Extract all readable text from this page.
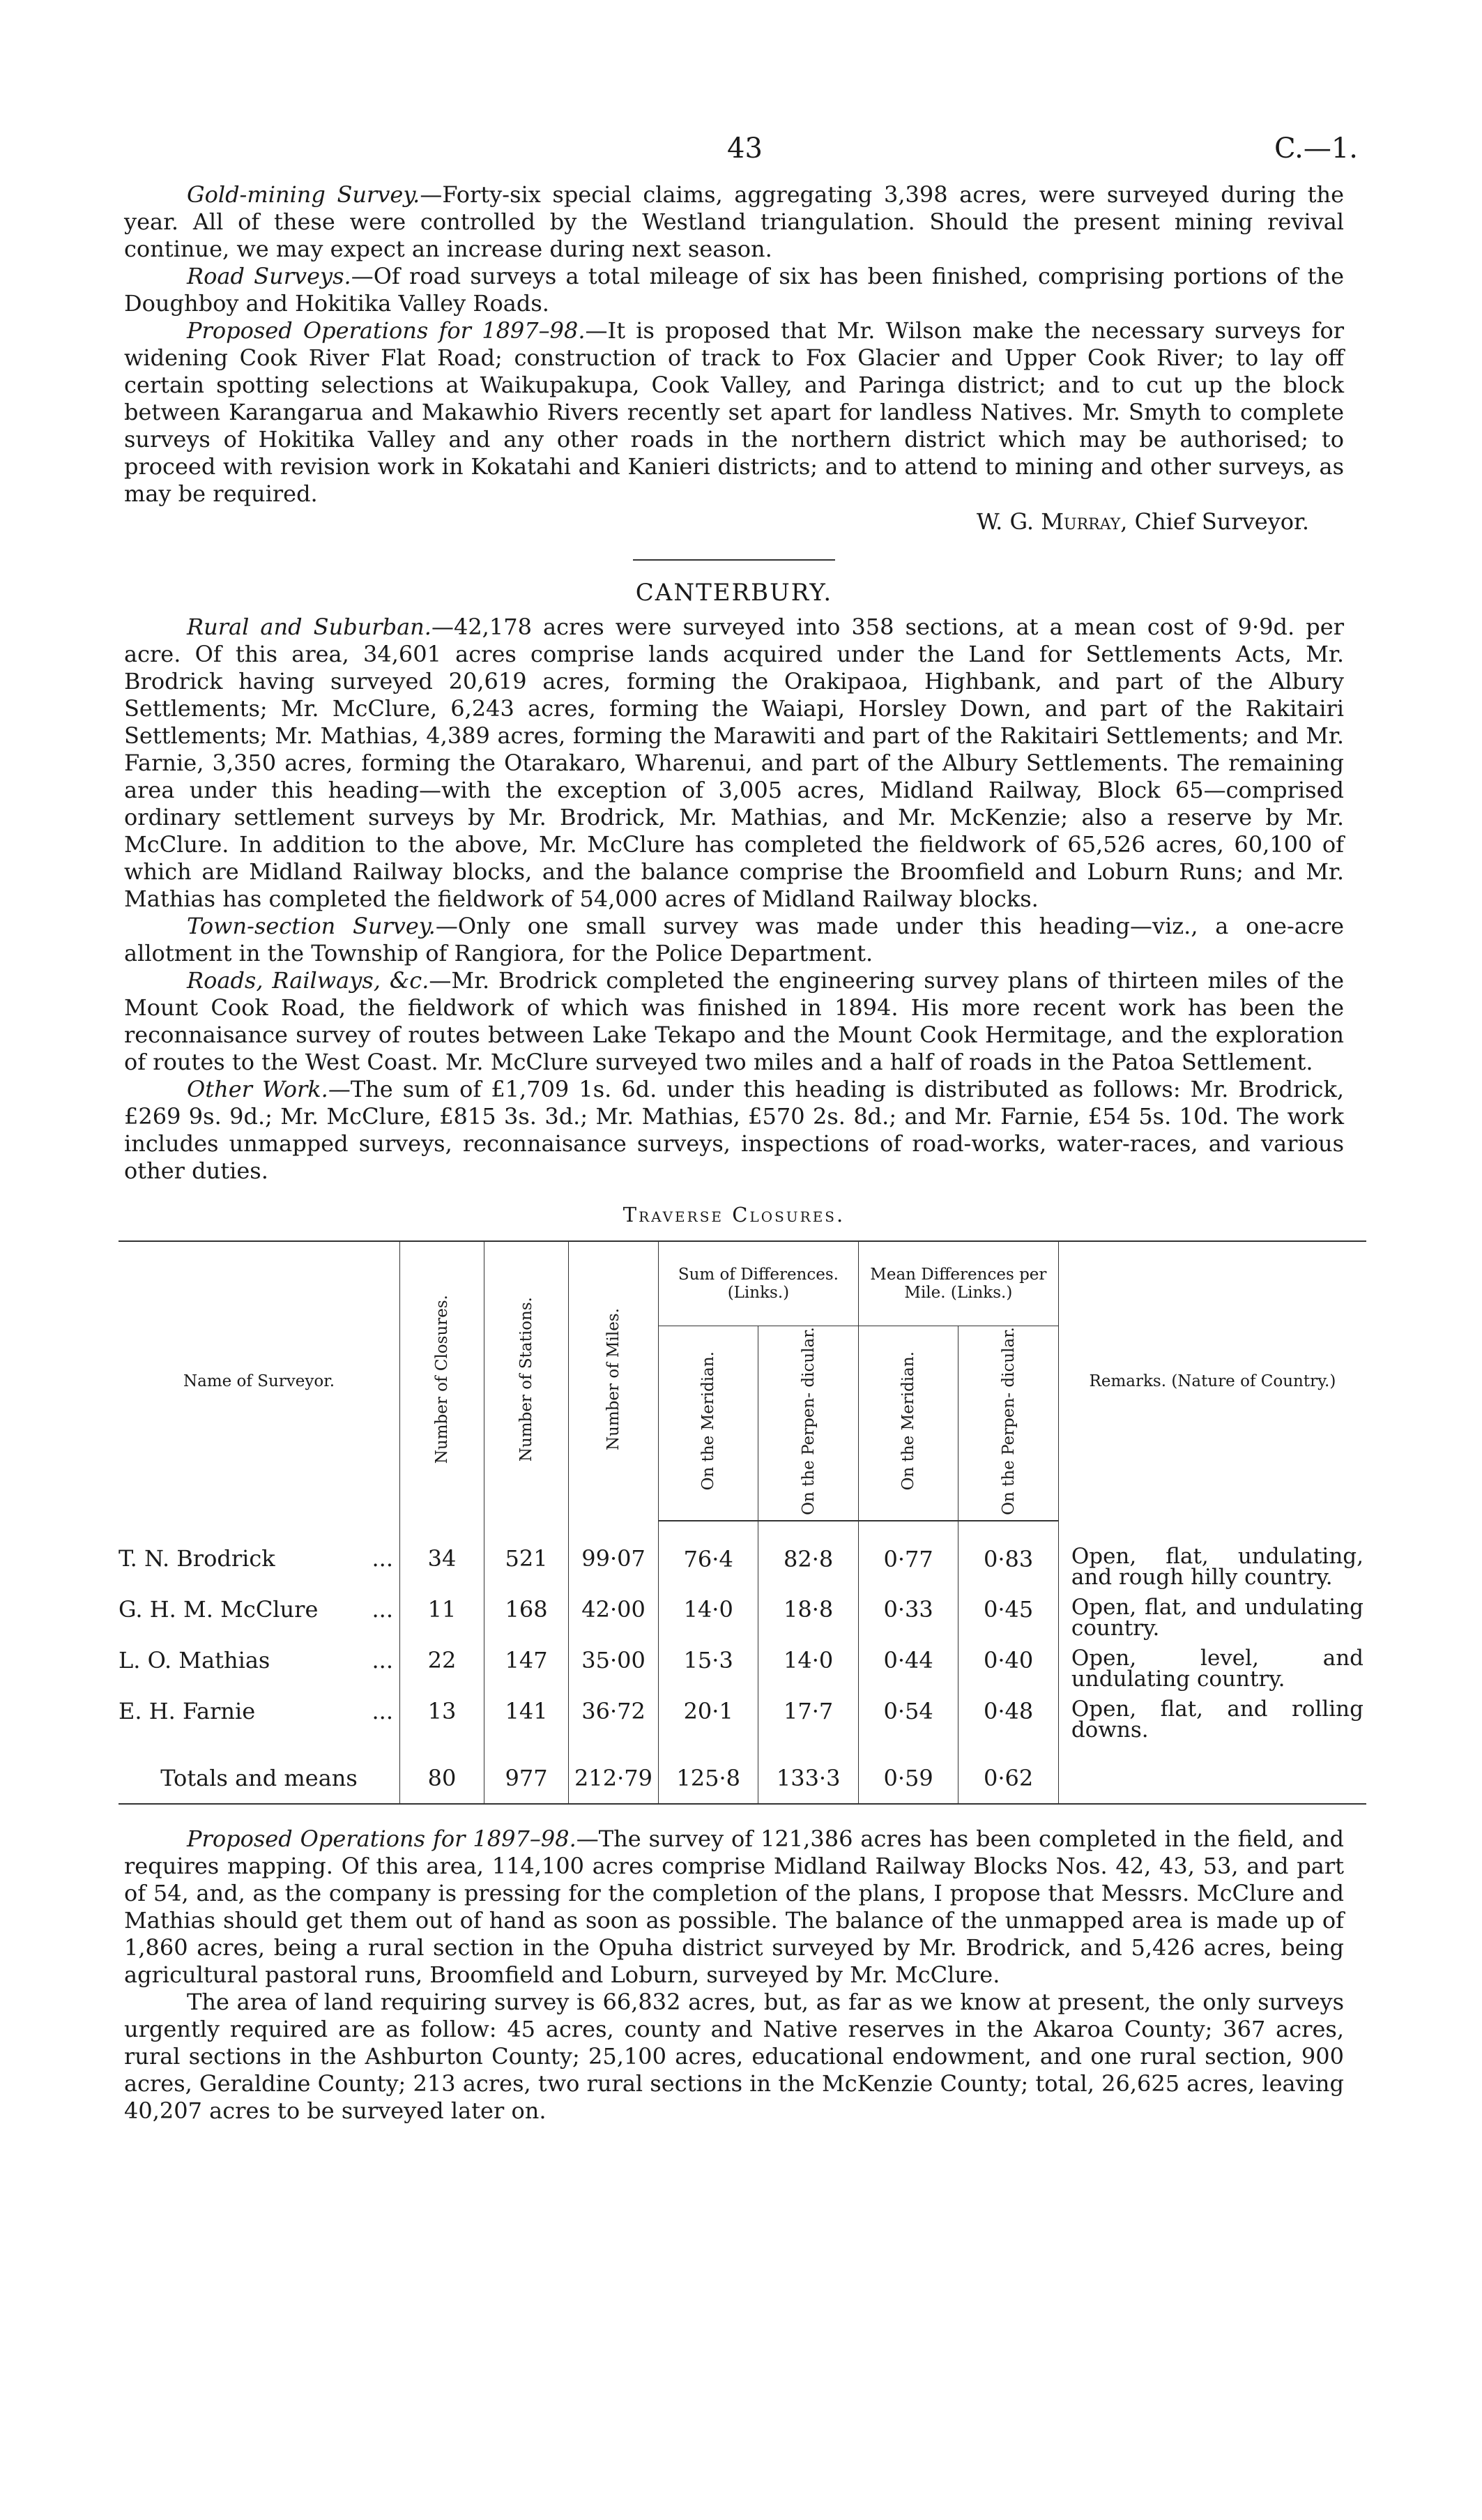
43	C.—1.

Gold-mining Survey.—Forty-six special claims, aggregating 3,398 acres, were surveyed during the year. All of these were controlled by the Westland triangulation. Should the present mining revival continue, we may expect an increase during next season.

Road Surveys.—Of road surveys a total mileage of six has been finished, comprising portions of the Doughboy and Hokitika Valley Roads.

Proposed Operations for 1897–98.—It is proposed that Mr. Wilson make the necessary surveys for widening Cook River Flat Road; construction of track to Fox Glacier and Upper Cook River; to lay off certain spotting selections at Waikupakupa, Cook Valley, and Paringa district; and to cut up the block between Karangarua and Makawhio Rivers recently set apart for landless Natives. Mr. Smyth to complete surveys of Hokitika Valley and any other roads in the northern district which may be authorised; to proceed with revision work in Kokatahi and Kanieri districts; and to attend to mining and other surveys, as may be required.

W. G. Murray, Chief Surveyor.

CANTERBURY.

Rural and Suburban.—42,178 acres were surveyed into 358 sections, at a mean cost of 9·9d. per acre. Of this area, 34,601 acres comprise lands acquired under the Land for Settlements Acts, Mr. Brodrick having surveyed 20,619 acres, forming the Orakipaoa, Highbank, and part of the Albury Settlements; Mr. McClure, 6,243 acres, forming the Waiapi, Horsley Down, and part of the Rakitairi Settlements; Mr. Mathias, 4,389 acres, forming the Marawiti and part of the Rakitairi Settlements; and Mr. Farnie, 3,350 acres, forming the Otarakaro, Wharenui, and part of the Albury Settlements. The remaining area under this heading—with the exception of 3,005 acres, Midland Railway, Block 65—comprised ordinary settlement surveys by Mr. Brodrick, Mr. Mathias, and Mr. McKenzie; also a reserve by Mr. McClure. In addition to the above, Mr. McClure has completed the fieldwork of 65,526 acres, 60,100 of which are Midland Railway blocks, and the balance comprise the Broomfield and Loburn Runs; and Mr. Mathias has completed the fieldwork of 54,000 acres of Midland Railway blocks.

Town-section Survey.—Only one small survey was made under this heading—viz., a one-acre allotment in the Township of Rangiora, for the Police Department.

Roads, Railways, &c.—Mr. Brodrick completed the engineering survey plans of thirteen miles of the Mount Cook Road, the fieldwork of which was finished in 1894. His more recent work has been the reconnaisance survey of routes between Lake Tekapo and the Mount Cook Hermitage, and the exploration of routes to the West Coast. Mr. McClure surveyed two miles and a half of roads in the Patoa Settlement.

Other Work.—The sum of £1,709 1s. 6d. under this heading is distributed as follows: Mr. Brodrick, £269 9s. 9d.; Mr. McClure, £815 3s. 3d.; Mr. Mathias, £570 2s. 8d.; and Mr. Farnie, £54 5s. 10d. The work includes unmapped surveys, reconnaisance surveys, inspections of road-works, water-races, and various other duties.

Traverse Closures.
Name of Surveyor.	Number of Closures.	Number of Stations.	Number of Miles.	Sum of Differences. (Links.)		Mean Differences per Mile. (Links.)		Remarks. (Nature of Country.)
				On the Meridian.	On the Perpen- dicular.	On the Meridian.	On the Perpen- dicular.	
T. N. Brodrick ...	34	521	99·07	76·4	82·8	0·77	0·83	Open, flat, undulating, and rough hilly country.
G. H. M. McClure ...	11	168	42·00	14·0	18·8	0·33	0·45	Open, flat, and undulating country.
L. O. Mathias ...	22	147	35·00	15·3	14·0	0·44	0·40	Open, level, and undulating country.
E. H. Farnie ...	13	141	36·72	20·1	17·7	0·54	0·48	Open, flat, and rolling downs.
Totals and means	80	977	212·79	125·8	133·3	0·59	0·62	

Proposed Operations for 1897–98.—The survey of 121,386 acres has been completed in the field, and requires mapping. Of this area, 114,100 acres comprise Midland Railway Blocks Nos. 42, 43, 53, and part of 54, and, as the company is pressing for the completion of the plans, I propose that Messrs. McClure and Mathias should get them out of hand as soon as possible. The balance of the unmapped area is made up of 1,860 acres, being a rural section in the Opuha district surveyed by Mr. Brodrick, and 5,426 acres, being agricultural pastoral runs, Broomfield and Loburn, surveyed by Mr. McClure.

The area of land requiring survey is 66,832 acres, but, as far as we know at present, the only surveys urgently required are as follow: 45 acres, county and Native reserves in the Akaroa County; 367 acres, rural sections in the Ashburton County; 25,100 acres, educational endowment, and one rural section, 900 acres, Geraldine County; 213 acres, two rural sections in the McKenzie County; total, 26,625 acres, leaving 40,207 acres to be surveyed later on.
